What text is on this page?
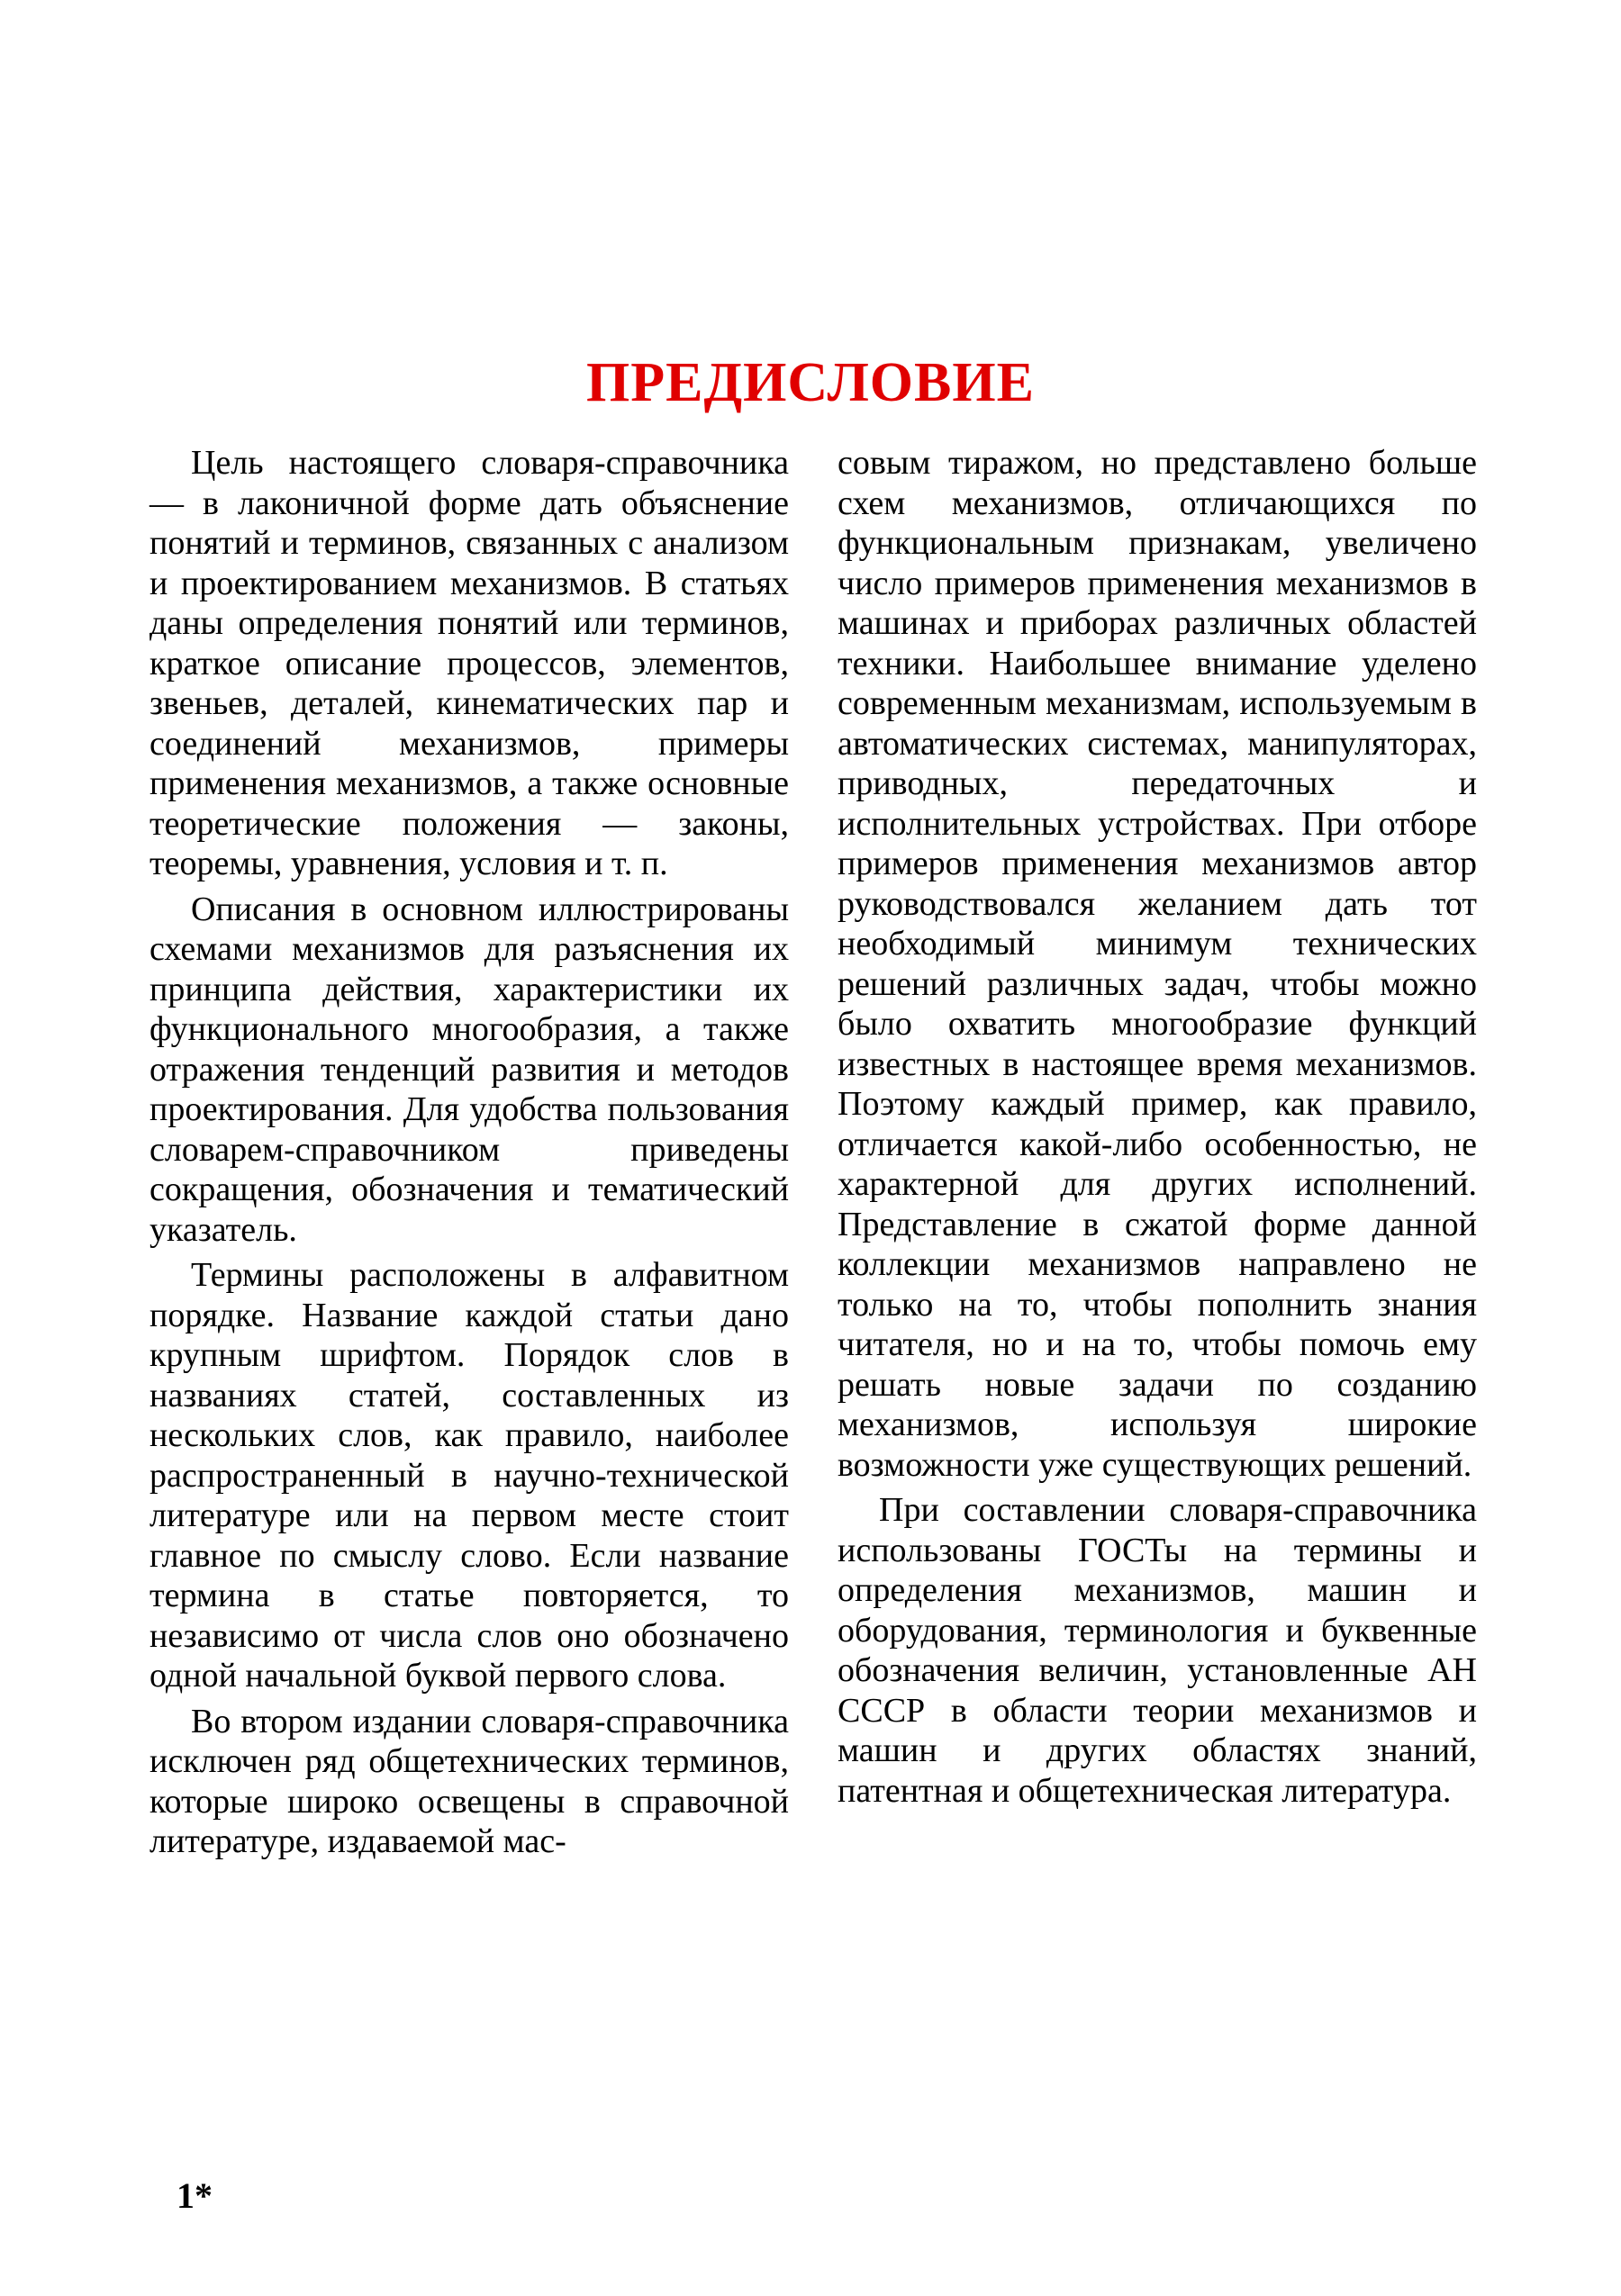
ПРЕДИСЛОВИЕ

Цель настоящего словаря-справочника — в лаконичной форме дать объяснение понятий и терминов, связанных с анализом и проектированием механизмов. В статьях даны определения понятий или терминов, краткое описание процессов, элементов, звеньев, деталей, кинематических пар и соединений механизмов, примеры применения механизмов, а также основные теоретические положения — законы, теоремы, уравнения, условия и т. п.

Описания в основном иллюстрированы схемами механизмов для разъяснения их принципа действия, характеристики их функционального многообразия, а также отражения тенденций развития и методов проектирования. Для удобства пользования словарем-справочником приведены сокращения, обозначения и тематический указатель.

Термины расположены в алфавитном порядке. Название каждой статьи дано крупным шрифтом. Порядок слов в названиях статей, составленных из нескольких слов, как правило, наиболее распространенный в научно-технической литературе или на первом месте стоит главное по смыслу слово. Если название термина в статье повторяется, то независимо от числа слов оно обозначено одной начальной буквой первого слова.

Во втором издании словаря-справочника исключен ряд общетехнических терминов, которые широко освещены в справочной литературе, издаваемой мас-

совым тиражом, но представлено больше схем механизмов, отличающихся по функциональным признакам, увеличено число примеров применения механизмов в машинах и приборах различных областей техники. Наибольшее внимание уделено современным механизмам, используемым в автоматических системах, манипуляторах, приводных, передаточных и исполнительных устройствах. При отборе примеров применения механизмов автор руководствовался желанием дать тот необходимый минимум технических решений различных задач, чтобы можно было охватить многообразие функций известных в настоящее время механизмов. Поэтому каждый пример, как правило, отличается какой-либо особенностью, не характерной для других исполнений. Представление в сжатой форме данной коллекции механизмов направлено не только на то, чтобы пополнить знания читателя, но и на то, чтобы помочь ему решать новые задачи по созданию механизмов, используя широкие возможности уже существующих решений.

При составлении словаря-справочника использованы ГОСТы на термины и определения механизмов, машин и оборудования, терминология и буквенные обозначения величин, установленные АН СССР в области теории механизмов и машин и других областях знаний, патентная и общетехническая литература.

1*
